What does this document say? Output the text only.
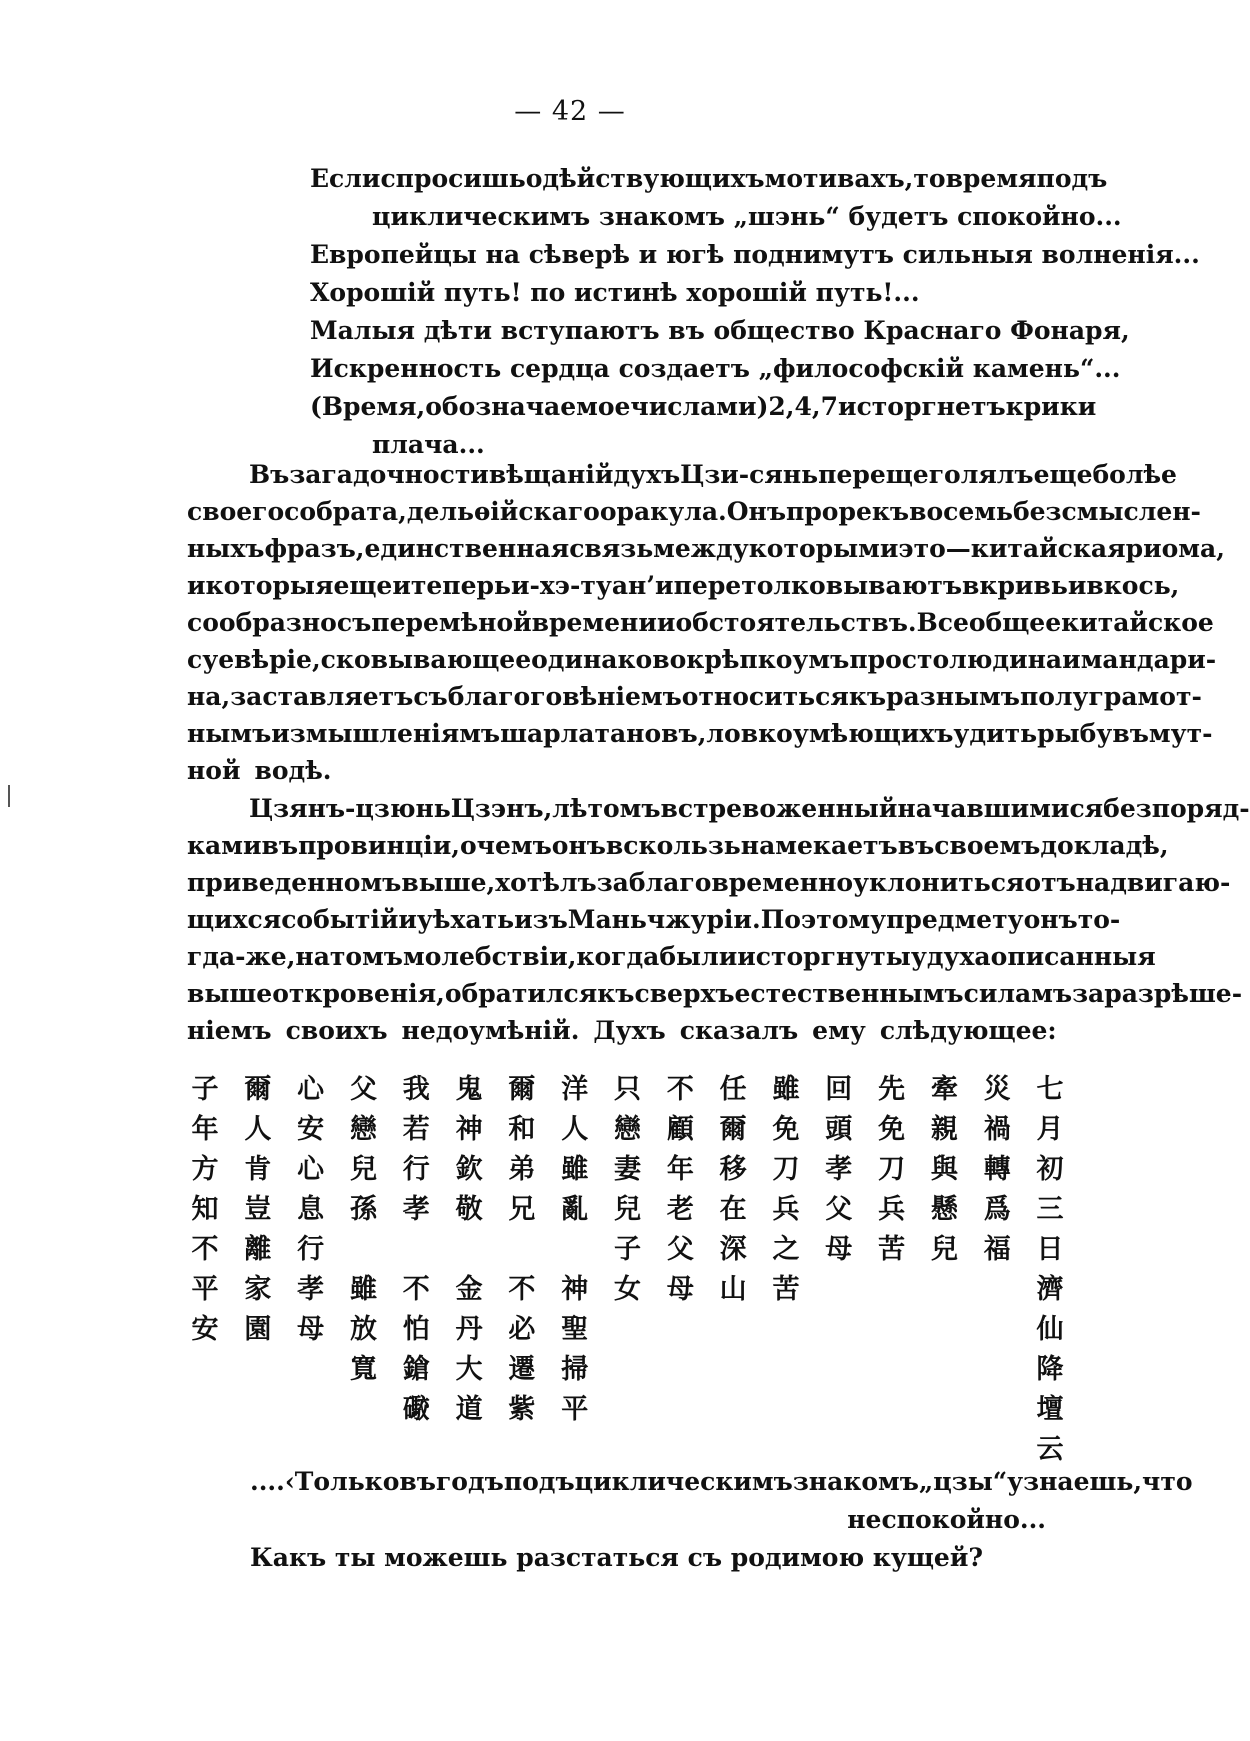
— 42 —
Если спросишь о дѣйствующихъ мотивахъ, то время подъ
циклическимъ знакомъ „шэнь“ будетъ спокойно...
Европейцы на сѣверѣ и югѣ поднимутъ сильныя волненія...
Хорошій путь! по истинѣ хорошій путь!...
Малыя дѣти вступаютъ въ общество Краснаго Фонаря,
Искренность сердца создаетъ „философскій камень“...
(Время, обозначаемое числами) 2, 4, 7 исторгнетъ крики
плача...
Въ загадочности вѣщаній духъ Цзи-сянь перещеголялъ еще болѣе
своего собрата, дельѳійскаго оракула. Онъ прорекъ восемь безсмыслен-
ныхъ фразъ, единственная связь между которыми это—китайская риома,
и которыя еще и теперь и-хэ-туан’и перетолковываютъ вкривь и вкось,
сообразно съ перемѣной времени и обстоятельствъ. Всеобщее китайское
суевѣріе, сковывающее одинаково крѣпко умъ простолюдина и мандари-
на, заставляетъ съ благоговѣніемъ относиться къ разнымъ полуграмот-
нымъ измышленіямъ шарлатановъ, ловко умѣющихъ удить рыбу въ мут-
ной водѣ.
Цзянъ-цзюнь Цзэнъ, лѣтомъ встревоженный начавшимися безпоряд-
ками въ провинціи, о чемъ онъ вскользь намекаетъ въ своемъ докладѣ,
приведенномъ выше, хотѣлъ заблаговременно уклониться отъ надвигаю-
щихся событій и уѣхать изъ Маньчжуріи. По этому предмету онъ то-
гда-же, на томъ молебствіи, когда были исторгнуты у духа описанныя
выше откровенія, обратился къ сверхъестественнымъ силамъ за разрѣше-
ніемъ своихъ недоумѣній. Духъ сказалъ ему слѣдующее:
七
月
初
三
日
濟
仙
降
壇
云
災
禍
轉
爲
福
牽
親
與
懸
兒
先
免
刀
兵
苦
回
頭
孝
父
母
雖
免
刀
兵
之
苦
任
爾
移
在
深
山
不
顧
年
老
父
母
只
戀
妻
兒
子
女
洋
人
雖
亂
神
聖
掃
平
爾
和
弟
兄
不
必
遷
紫
鬼
神
欽
敬
金
丹
大
道
我
若
行
孝
不
怕
鎗
礮
父
戀
兒
孫
雖
放
寬
心
安
心
息
行
孝
母
爾
人
肯
豈
離
家
園
子
年
方
知
不
平
安
....‹Только въ годъ подъ циклическимъ знакомъ „цзы“ узнаешь, что
неспокойно...
Какъ ты можешь разстаться съ родимою кущей?
